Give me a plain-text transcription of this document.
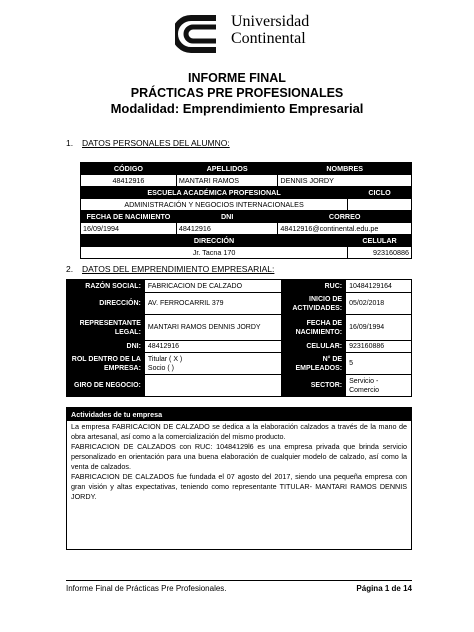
Universidad
Continental
INFORME FINAL
PRÁCTICAS PRE PROFESIONALES
Modalidad: Emprendimiento Empresarial
1. DATOS PERSONALES DEL ALUMNO:
CÓDIGO	APELLIDOS	NOMBRES	
48412916	MANTARI RAMOS	DENNIS JORDY	
ESCUELA ACADÉMICA PROFESIONAL			CICLO
ADMINISTRACIÓN Y NEGOCIOS INTERNACIONALES			
FECHA DE NACIMIENTO	DNI	CORREO	
16/09/1994	48412916	48412916@continental.edu.pe	
DIRECCIÓN			CELULAR
Jr. Tacna 170			923160886
2. DATOS DEL EMPRENDIMIENTO EMPRESARIAL:
RAZÓN SOCIAL:	FABRICACION DE CALZADO	RUC:	10484129164
DIRECCIÓN:	AV. FERROCARRIL 379	INICIO DE ACTIVIDADES:	05/02/2018
REPRESENTANTE LEGAL:	MANTARI RAMOS DENNIS JORDY	FECHA DE NACIMIENTO:	16/09/1994
DNI:	48412916	CELULAR:	923160886
ROL DENTRO DE LA EMPRESA:	Titular ( X )
Socio ( )	N° DE EMPLEADOS:	5
GIRO DE NEGOCIO:		SECTOR:	Servicio - Comercio
Actividades de tu empresa

La empresa FABRICACION DE CALZADO se dedica a la elaboración calzados a través de la mano de obra artesanal, así como a la comercialización del mismo producto.

FABRICACION DE CALZADOS con RUC: 10484129l6 es una empresa privada que brinda servicio personalizado en orientación para una buena elaboración de cualquier modelo de calzado, así como la venta de calzados.

FABRICACION DE CALZADOS fue fundada el 07 agosto del 2017, siendo una pequeña empresa con gran visión y altas expectativas, teniendo como representante TITULAR- MANTARI RAMOS DENNIS JORDY.

Informe Final de Prácticas Pre Profesionales.	Página 1 de 14
